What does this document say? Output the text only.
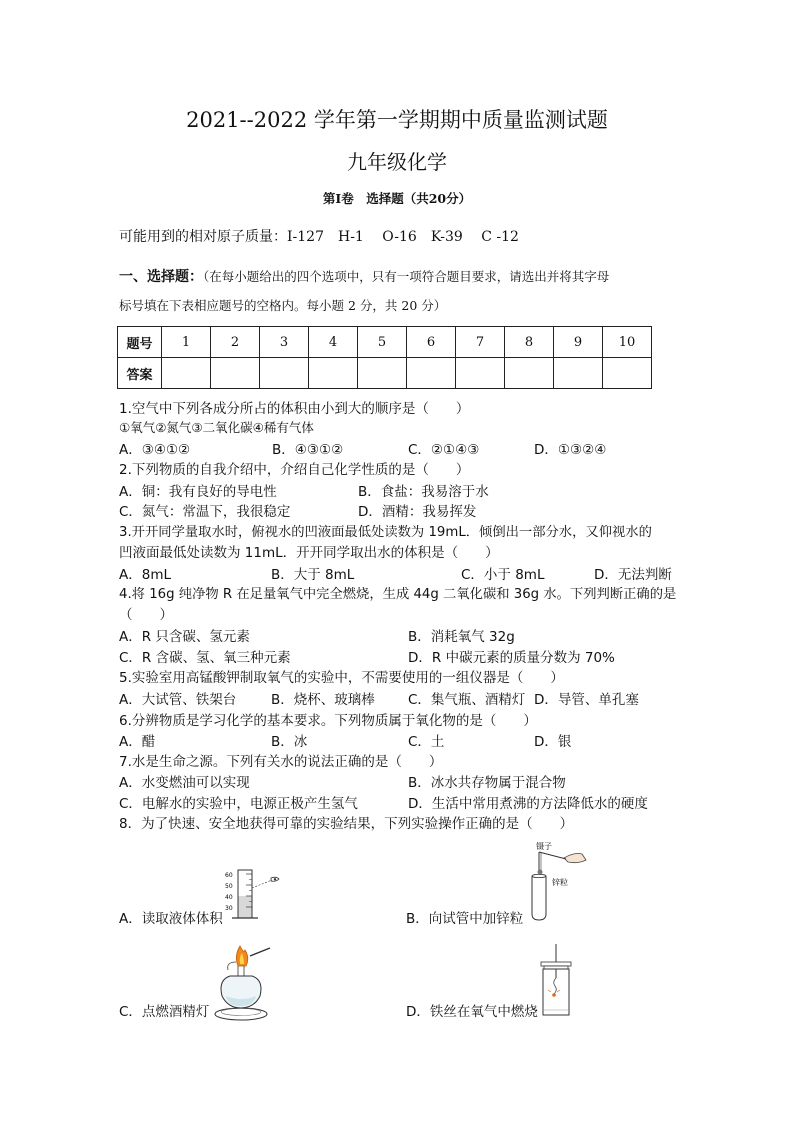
2021--2022 学年第一学期期中质量监测试题
九年级化学
第I卷　选择题（共20分）
可能用到的相对原子质量：I-127　H-1　 O-16　K-39　 C -12
一、选择题：（在每小题给出的四个选项中，只有一项符合题目要求，请选出并将其字母
标号填在下表相应题号的空格内。每小题 2 分，共 20 分）
题号	1	2	3	4	5	6	7	8	9	10
答案										
1.空气中下列各成分所占的体积由小到大的顺序是（　　）
①氧气②氮气③二氧化碳④稀有气体
A．③④①②	B．④③①②	C．②①④③	D．①③②④
2.下列物质的自我介绍中，介绍自己化学性质的是（　　）
A．铜：我有良好的导电性	B．食盐：我易溶于水
C．氮气：常温下，我很稳定	D．酒精：我易挥发
3.开开同学量取水时，俯视水的凹液面最低处读数为 19mL．倾倒出一部分水，又仰视水的
凹液面最低处读数为 11mL．开开同学取出水的体积是（　　）
A．8mL	B．大于 8mL	C．小于 8mL	D．无法判断
4.将 16g 纯净物 R 在足量氧气中完全燃烧，生成 44g 二氧化碳和 36g 水。下列判断正确的是
（　　）
A．R 只含碳、氢元素	B．消耗氧气 32g
C．R 含碳、氢、氧三种元素	D．R 中碳元素的质量分数为 70%
5.实验室用高锰酸钾制取氧气的实验中，不需要使用的一组仪器是（　　）
A．大试管、铁架台	B．烧杯、玻璃棒 C．集气瓶、酒精灯 D．导管、单孔塞
6.分辨物质是学习化学的基本要求。下列物质属于氧化物的是（　　）
A．醋	B．冰	C．土	D．银
7.水是生命之源。下列有关水的说法正确的是（　　）
A．水变燃油可以实现	B．冰水共存物属于混合物
C．电解水的实验中，电源正极产生氢气	D．生活中常用煮沸的方法降低水的硬度
8．为了快速、安全地获得可靠的实验结果，下列实验操作正确的是（　　）
A．读取液体体积	B．向试管中加锌粒
C．点燃酒精灯	D．铁丝在氧气中燃烧
60
50
40
30
镊子
锌粒
